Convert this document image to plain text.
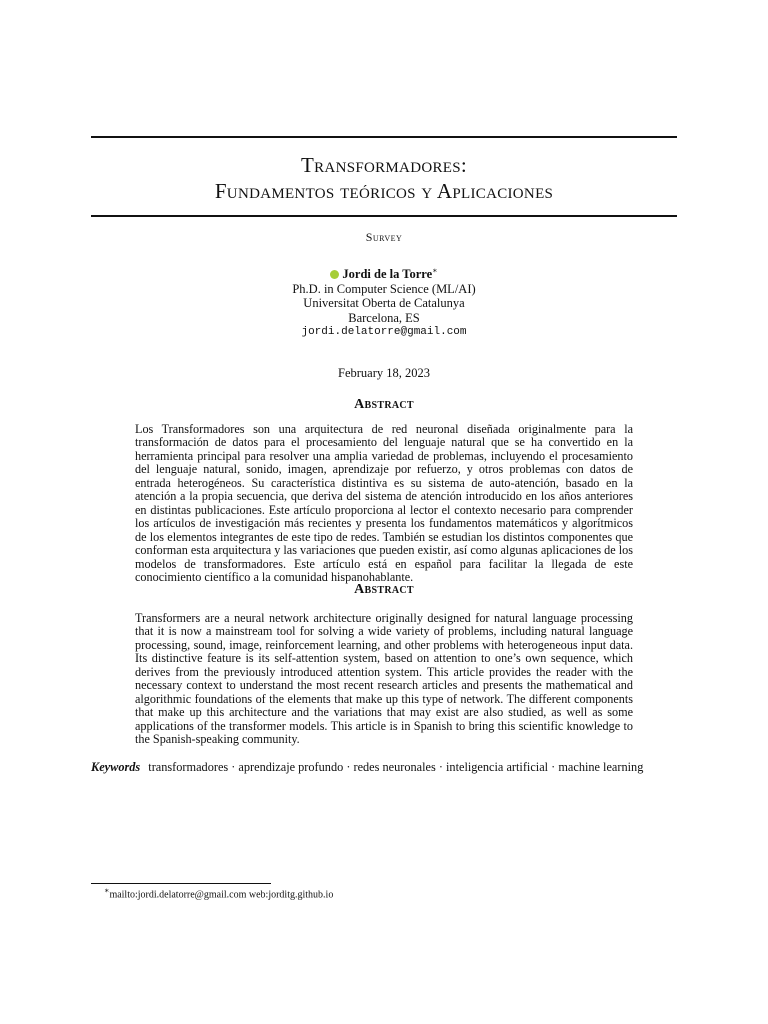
Transformadores:
Fundamentos teóricos y Aplicaciones
Survey
Jordi de la Torre∗
Ph.D. in Computer Science (ML/AI)
Universitat Oberta de Catalunya
Barcelona, ES
jordi.delatorre@gmail.com
February 18, 2023
Abstract
Los Transformadores son una arquitectura de red neuronal diseñada originalmente para la transformación de datos para el procesamiento del lenguaje natural que se ha convertido en la herramienta principal para resolver una amplia variedad de problemas, incluyendo el procesamiento del lenguaje natural, sonido, imagen, aprendizaje por refuerzo, y otros problemas con datos de entrada heterogéneos. Su característica distintiva es su sistema de auto-atención, basado en la atención a la propia secuencia, que deriva del sistema de atención introducido en los años anteriores en distintas publicaciones. Este artículo proporciona al lector el contexto necesario para comprender los artículos de investigación más recientes y presenta los fundamentos matemáticos y algorítmicos de los elementos integrantes de este tipo de redes. También se estudian los distintos componentes que conforman esta arquitectura y las variaciones que pueden existir, así como algunas aplicaciones de los modelos de transformadores. Este artículo está en español para facilitar la llegada de este conocimiento científico a la comunidad hispanohablante.
Abstract
Transformers are a neural network architecture originally designed for natural language processing that it is now a mainstream tool for solving a wide variety of problems, including natural language processing, sound, image, reinforcement learning, and other problems with heterogeneous input data. Its distinctive feature is its self-attention system, based on attention to one’s own sequence, which derives from the previously introduced attention system. This article provides the reader with the necessary context to understand the most recent research articles and presents the mathematical and algorithmic foundations of the elements that make up this type of network. The different components that make up this architecture and the variations that may exist are also studied, as well as some applications of the transformer models. This article is in Spanish to bring this scientific knowledge to the Spanish-speaking community.
Keywords transformadores · aprendizaje profundo · redes neuronales · inteligencia artificial · machine learning
∗mailto:jordi.delatorre@gmail.com web:jorditg.github.io
